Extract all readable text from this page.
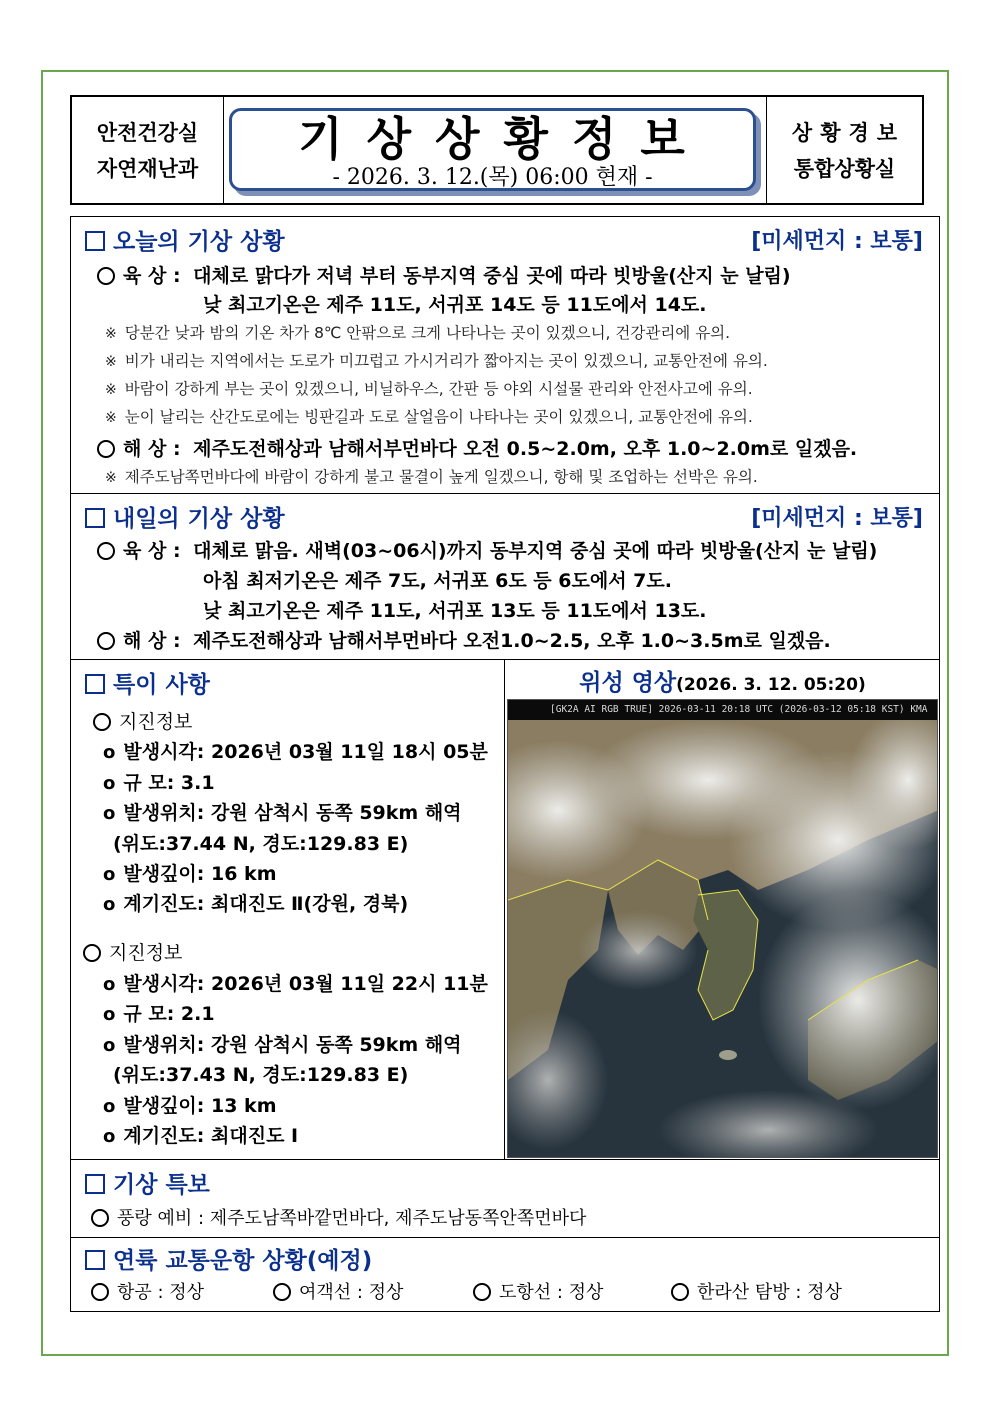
안전건강실
자연재난과
기상상황정보
- 2026. 3. 12.(목) 06:00 현재 -
상황경보
통합상황실
오늘의 기상 상황	[미세먼지 : 보통]
육 상 : 대체로 맑다가 저녁 부터 동부지역 중심 곳에 따라 빗방울(산지 눈 날림)
낮 최고기온은 제주 11도, 서귀포 14도 등 11도에서 14도.
※ 당분간 낮과 밤의 기온 차가 8℃ 안팎으로 크게 나타나는 곳이 있겠으니, 건강관리에 유의.
※ 비가 내리는 지역에서는 도로가 미끄럽고 가시거리가 짧아지는 곳이 있겠으니, 교통안전에 유의.
※ 바람이 강하게 부는 곳이 있겠으니, 비닐하우스, 간판 등 야외 시설물 관리와 안전사고에 유의.
※ 눈이 날리는 산간도로에는 빙판길과 도로 살얼음이 나타나는 곳이 있겠으니, 교통안전에 유의.
해 상 : 제주도전해상과 남해서부먼바다 오전 0.5~2.0m, 오후 1.0~2.0m로 일겠음.
※ 제주도남쪽먼바다에 바람이 강하게 불고 물결이 높게 일겠으니, 항해 및 조업하는 선박은 유의.
내일의 기상 상황	[미세먼지 : 보통]
육 상 : 대체로 맑음. 새벽(03~06시)까지 동부지역 중심 곳에 따라 빗방울(산지 눈 날림)
아침 최저기온은 제주 7도, 서귀포 6도 등 6도에서 7도.
낮 최고기온은 제주 11도, 서귀포 13도 등 11도에서 13도.
해 상 : 제주도전해상과 남해서부먼바다 오전1.0~2.5, 오후 1.0~3.5m로 일겠음.
특이 사항
지진정보
o 발생시각: 2026년 03월 11일 18시 05분
o 규 모: 3.1
o 발생위치: 강원 삼척시 동쪽 59km 해역
(위도:37.44 N, 경도:129.83 E)
o 발생깊이: 16 km
o 계기진도: 최대진도 Ⅱ(강원, 경북)
지진정보
o 발생시각: 2026년 03월 11일 22시 11분
o 규 모: 2.1
o 발생위치: 강원 삼척시 동쪽 59km 해역
(위도:37.43 N, 경도:129.83 E)
o 발생깊이: 13 km
o 계기진도: 최대진도 Ⅰ
위성 영상(2026. 3. 12. 05:20)
[GK2A AI RGB TRUE] 2026-03-11 20:18 UTC (2026-03-12 05:18 KST) KMA
기상 특보
풍랑 예비 : 제주도남쪽바깥먼바다, 제주도남동쪽안쪽먼바다
연륙 교통운항 상황(예정)
항공 : 정상	여객선 : 정상	도항선 : 정상	한라산 탐방 : 정상
